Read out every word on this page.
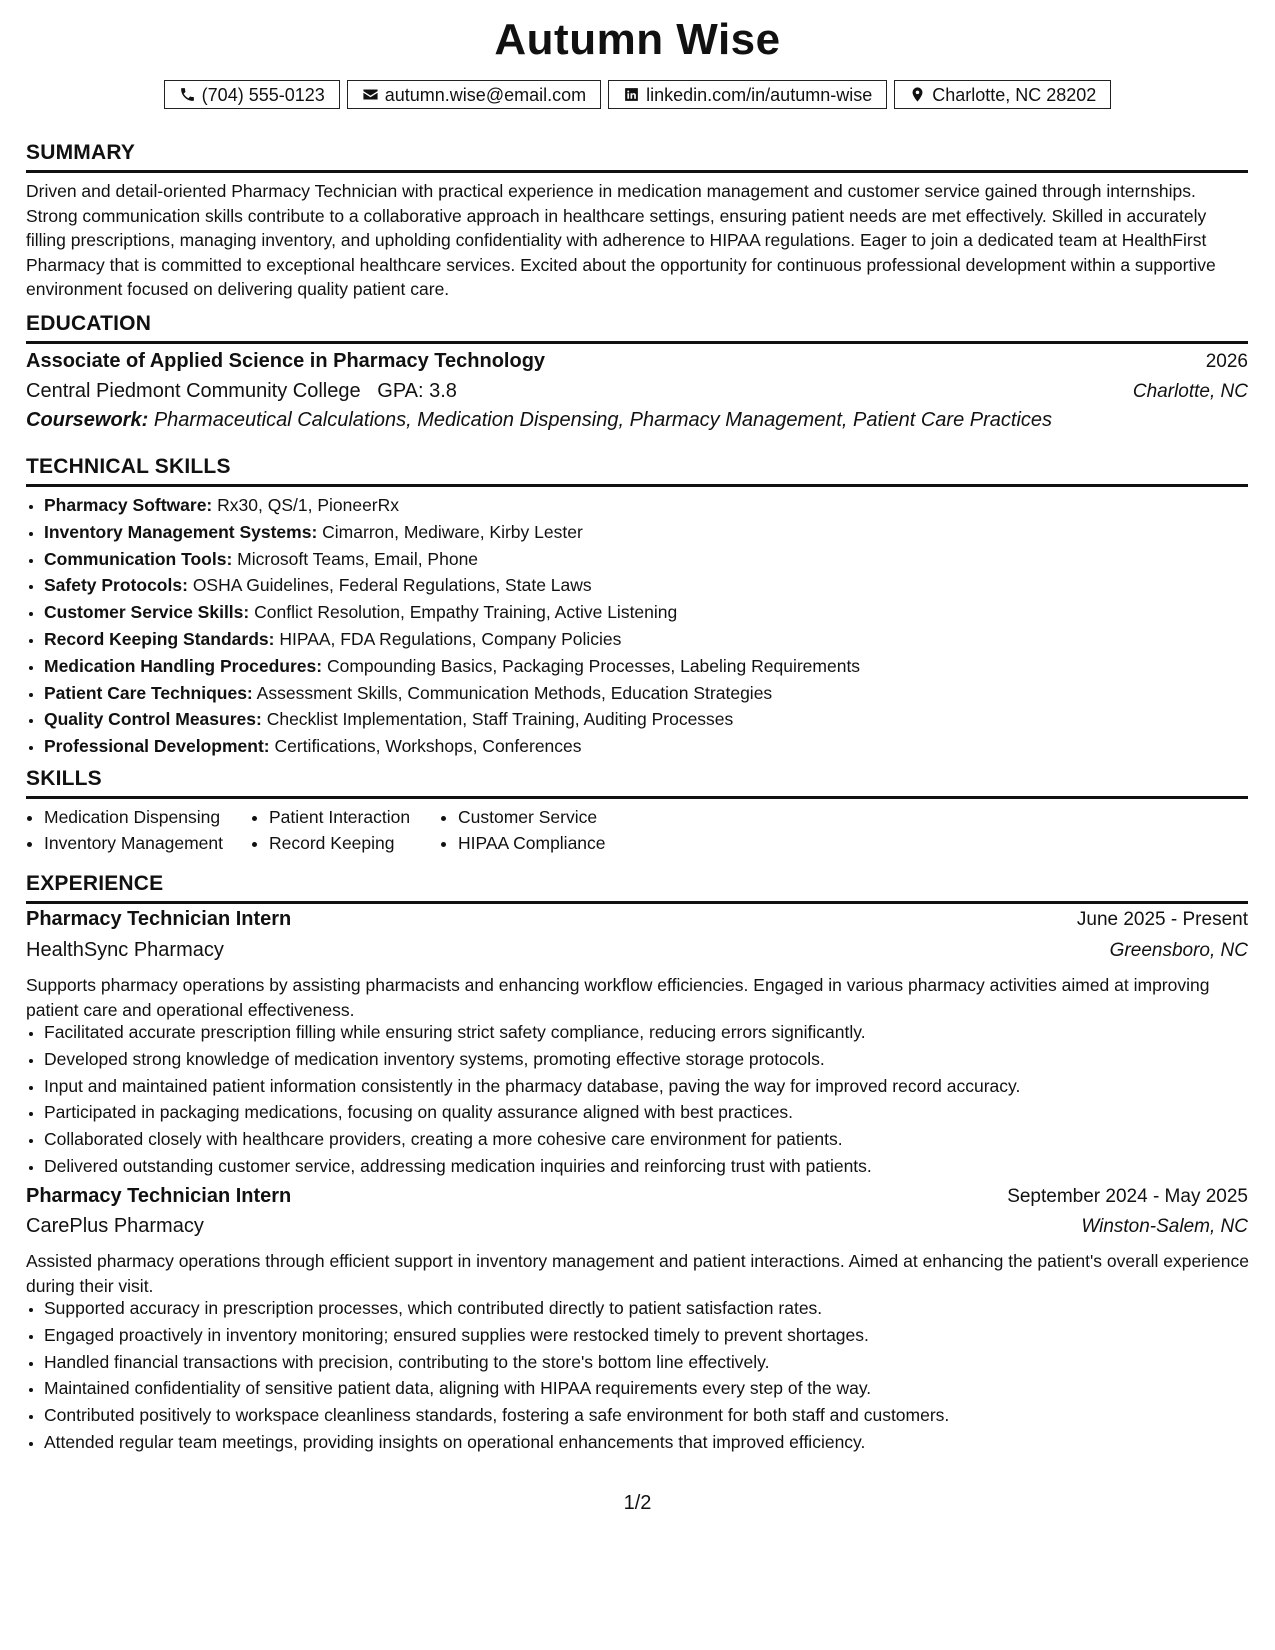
Autumn Wise
(704) 555-0123	autumn.wise@email.com	linkedin.com/in/autumn-wise	Charlotte, NC 28202
SUMMARY
Driven and detail-oriented Pharmacy Technician with practical experience in medication management and customer service gained through internships. Strong communication skills contribute to a collaborative approach in healthcare settings, ensuring patient needs are met effectively. Skilled in accurately filling prescriptions, managing inventory, and upholding confidentiality with adherence to HIPAA regulations. Eager to join a dedicated team at HealthFirst Pharmacy that is committed to exceptional healthcare services. Excited about the opportunity for continuous professional development within a supportive environment focused on delivering quality patient care.
EDUCATION
Associate of Applied Science in Pharmacy Technology	2026
Central Piedmont Community College GPA: 3.8	Charlotte, NC
Coursework: Pharmaceutical Calculations, Medication Dispensing, Pharmacy Management, Patient Care Practices
TECHNICAL SKILLS
• Pharmacy Software: Rx30, QS/1, PioneerRx
• Inventory Management Systems: Cimarron, Mediware, Kirby Lester
• Communication Tools: Microsoft Teams, Email, Phone
• Safety Protocols: OSHA Guidelines, Federal Regulations, State Laws
• Customer Service Skills: Conflict Resolution, Empathy Training, Active Listening
• Record Keeping Standards: HIPAA, FDA Regulations, Company Policies
• Medication Handling Procedures: Compounding Basics, Packaging Processes, Labeling Requirements
• Patient Care Techniques: Assessment Skills, Communication Methods, Education Strategies
• Quality Control Measures: Checklist Implementation, Staff Training, Auditing Processes
• Professional Development: Certifications, Workshops, Conferences
SKILLS
• Medication Dispensing
• Inventory Management
• Patient Interaction
• Record Keeping
• Customer Service
• HIPAA Compliance
EXPERIENCE
Pharmacy Technician Intern	June 2025 - Present
HealthSync Pharmacy	Greensboro, NC
Supports pharmacy operations by assisting pharmacists and enhancing workflow efficiencies. Engaged in various pharmacy activities aimed at improving patient care and operational effectiveness.
• Facilitated accurate prescription filling while ensuring strict safety compliance, reducing errors significantly.
• Developed strong knowledge of medication inventory systems, promoting effective storage protocols.
• Input and maintained patient information consistently in the pharmacy database, paving the way for improved record accuracy.
• Participated in packaging medications, focusing on quality assurance aligned with best practices.
• Collaborated closely with healthcare providers, creating a more cohesive care environment for patients.
• Delivered outstanding customer service, addressing medication inquiries and reinforcing trust with patients.
Pharmacy Technician Intern	September 2024 - May 2025
CarePlus Pharmacy	Winston-Salem, NC
Assisted pharmacy operations through efficient support in inventory management and patient interactions. Aimed at enhancing the patient's overall experience during their visit.
• Supported accuracy in prescription processes, which contributed directly to patient satisfaction rates.
• Engaged proactively in inventory monitoring; ensured supplies were restocked timely to prevent shortages.
• Handled financial transactions with precision, contributing to the store's bottom line effectively.
• Maintained confidentiality of sensitive patient data, aligning with HIPAA requirements every step of the way.
• Contributed positively to workspace cleanliness standards, fostering a safe environment for both staff and customers.
• Attended regular team meetings, providing insights on operational enhancements that improved efficiency.
1/2
